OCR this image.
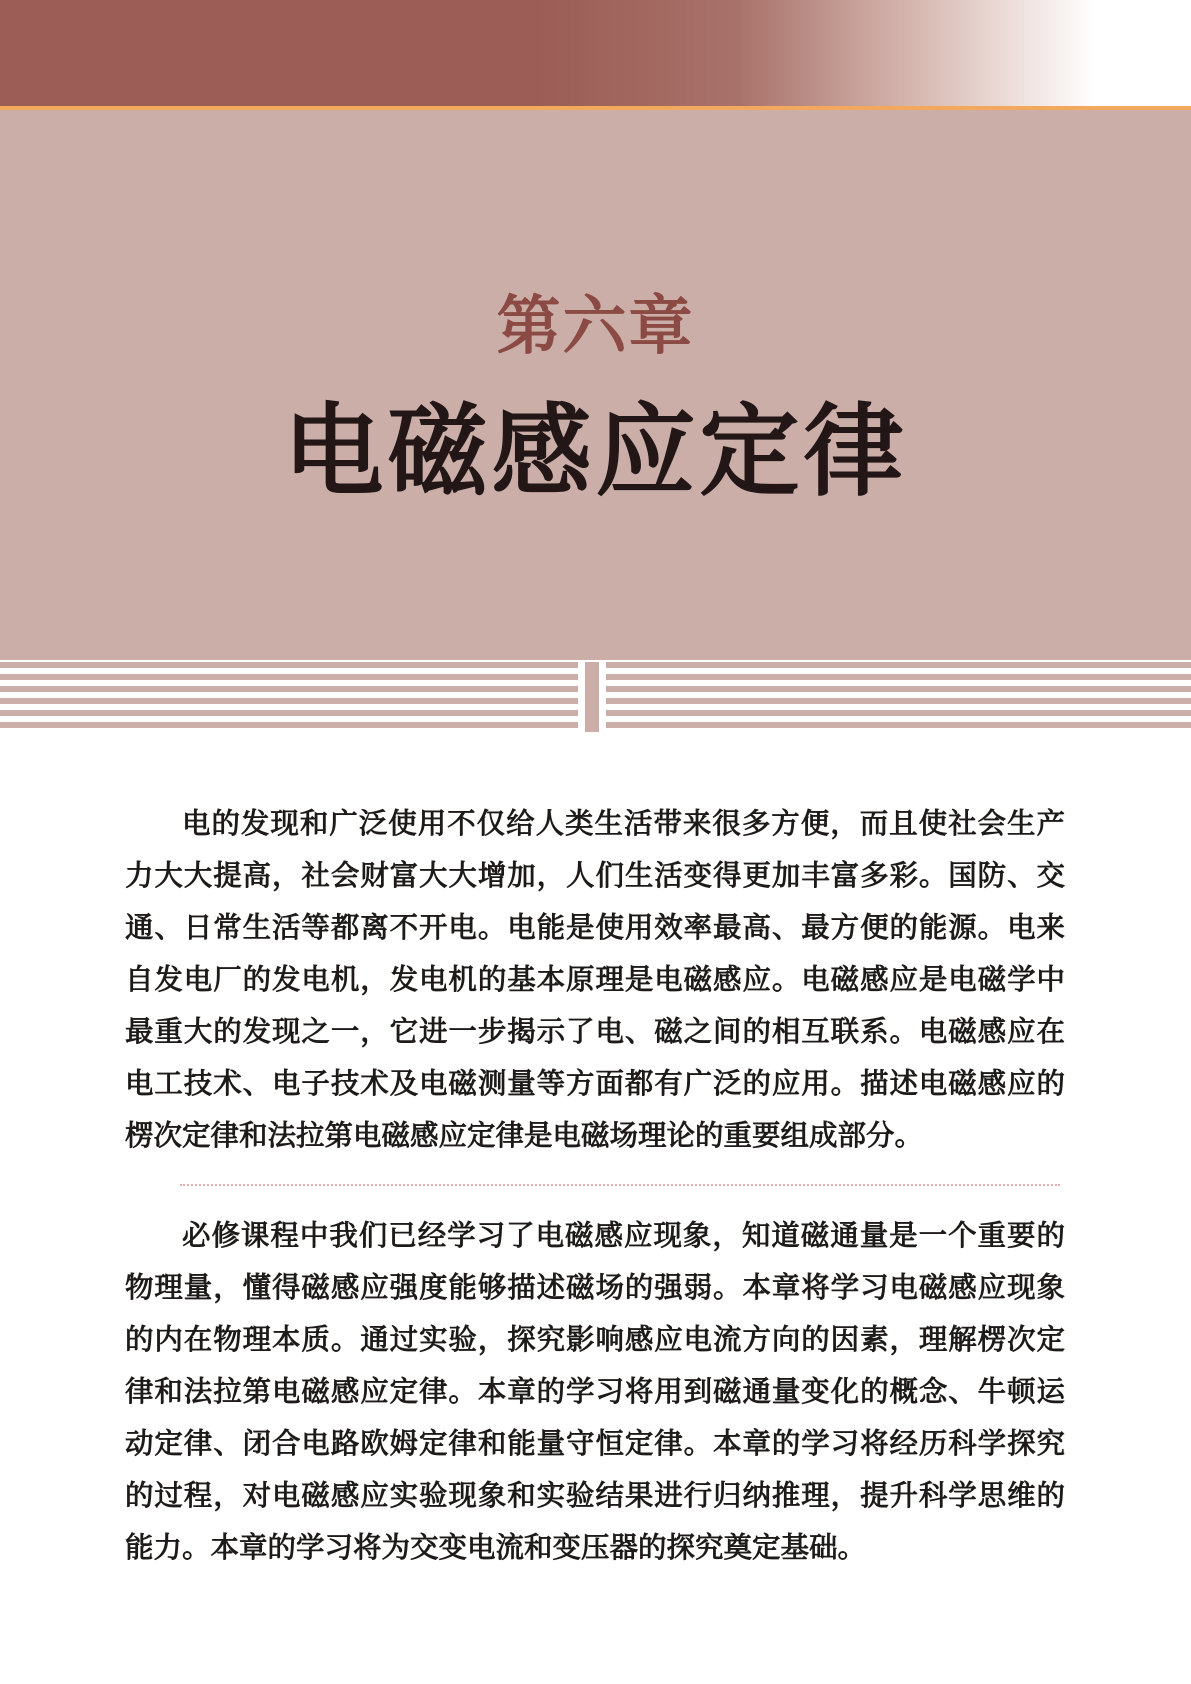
第六章
电磁感应定律

电的发现和广泛使用不仅给人类生活带来很多方便，而且使社会生产力大大提高，社会财富大大增加，人们生活变得更加丰富多彩。国防、交通、日常生活等都离不开电。电能是使用效率最高、最方便的能源。电来自发电厂的发电机，发电机的基本原理是电磁感应。电磁感应是电磁学中最重大的发现之一，它进一步揭示了电、磁之间的相互联系。电磁感应在电工技术、电子技术及电磁测量等方面都有广泛的应用。描述电磁感应的楞次定律和法拉第电磁感应定律是电磁场理论的重要组成部分。

必修课程中我们已经学习了电磁感应现象，知道磁通量是一个重要的物理量，懂得磁感应强度能够描述磁场的强弱。本章将学习电磁感应现象的内在物理本质。通过实验，探究影响感应电流方向的因素，理解楞次定律和法拉第电磁感应定律。本章的学习将用到磁通量变化的概念、牛顿运动定律、闭合电路欧姆定律和能量守恒定律。本章的学习将经历科学探究的过程，对电磁感应实验现象和实验结果进行归纳推理，提升科学思维的能力。本章的学习将为交变电流和变压器的探究奠定基础。
